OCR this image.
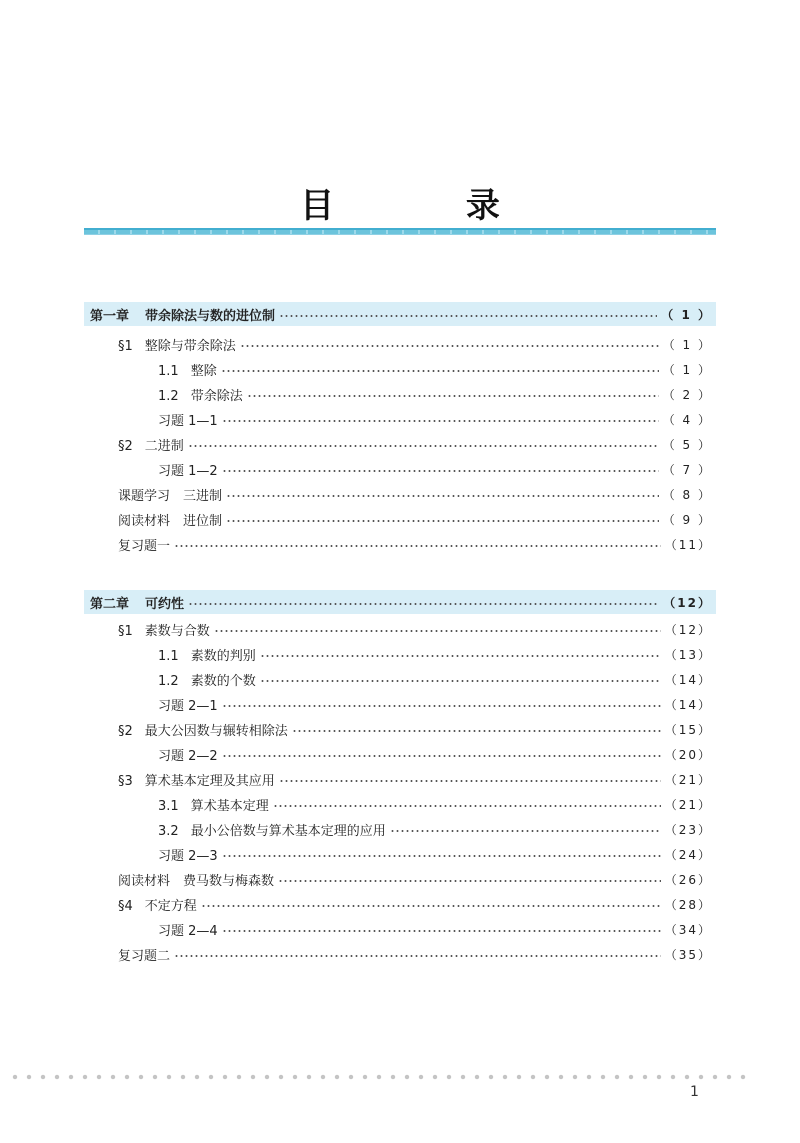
目 录
第一章 带余除法与数的进位制	（ 1 ）
§1 整除与带余除法	（ 1 ）
1.1 整除	（ 1 ）
1.2 带余除法	（ 2 ）
习题 1—1	（ 4 ）
§2 二进制	（ 5 ）
习题 1—2	（ 7 ）
课题学习　三进制	（ 8 ）
阅读材料　进位制	（ 9 ）
复习题一	（11）
第二章 可约性	（12）
§1 素数与合数	（12）
1.1 素数的判别	（13）
1.2 素数的个数	（14）
习题 2—1	（14）
§2 最大公因数与辗转相除法	（15）
习题 2—2	（20）
§3 算术基本定理及其应用	（21）
3.1 算术基本定理	（21）
3.2 最小公倍数与算术基本定理的应用	（23）
习题 2—3	（24）
阅读材料　费马数与梅森数	（26）
§4 不定方程	（28）
习题 2—4	（34）
复习题二	（35）
1
